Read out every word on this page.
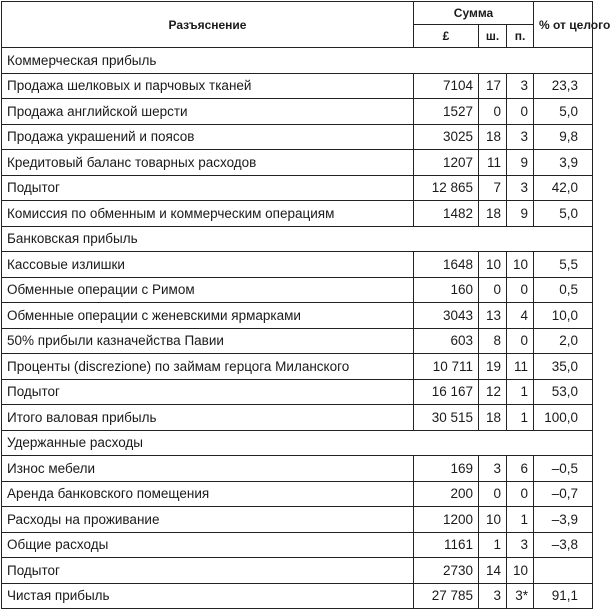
Разъяснение	Сумма			% от целого
	£	ш.	п.	
Коммерческая прибыль				
Продажа шелковых и парчовых тканей	7104	17	3	23,3
Продажа английской шерсти	1527	0	0	5,0
Продажа украшений и поясов	3025	18	3	9,8
Кредитовый баланс товарных расходов	1207	11	9	3,9
Подытог	12 865	7	3	42,0
Комиссия по обменным и коммерческим операциям	1482	18	9	5,0
Банковская прибыль				
Кассовые излишки	1648	10	10	5,5
Обменные операции с Римом	160	0	0	0,5
Обменные операции с женевскими ярмарками	3043	13	4	10,0
50% прибыли казначейства Павии	603	8	0	2,0
Проценты (discrezione) по займам герцога Миланского	10 711	19	11	35,0
Подытог	16 167	12	1	53,0
Итого валовая прибыль	30 515	18	1	100,0
Удержанные расходы				
Износ мебели	169	3	6	–0,5
Аренда банковского помещения	200	0	0	–0,7
Расходы на проживание	1200	10	1	–3,9
Общие расходы	1161	1	3	–3,8
Подытог	2730	14	10	
Чистая прибыль	27 785	3	3*	91,1
